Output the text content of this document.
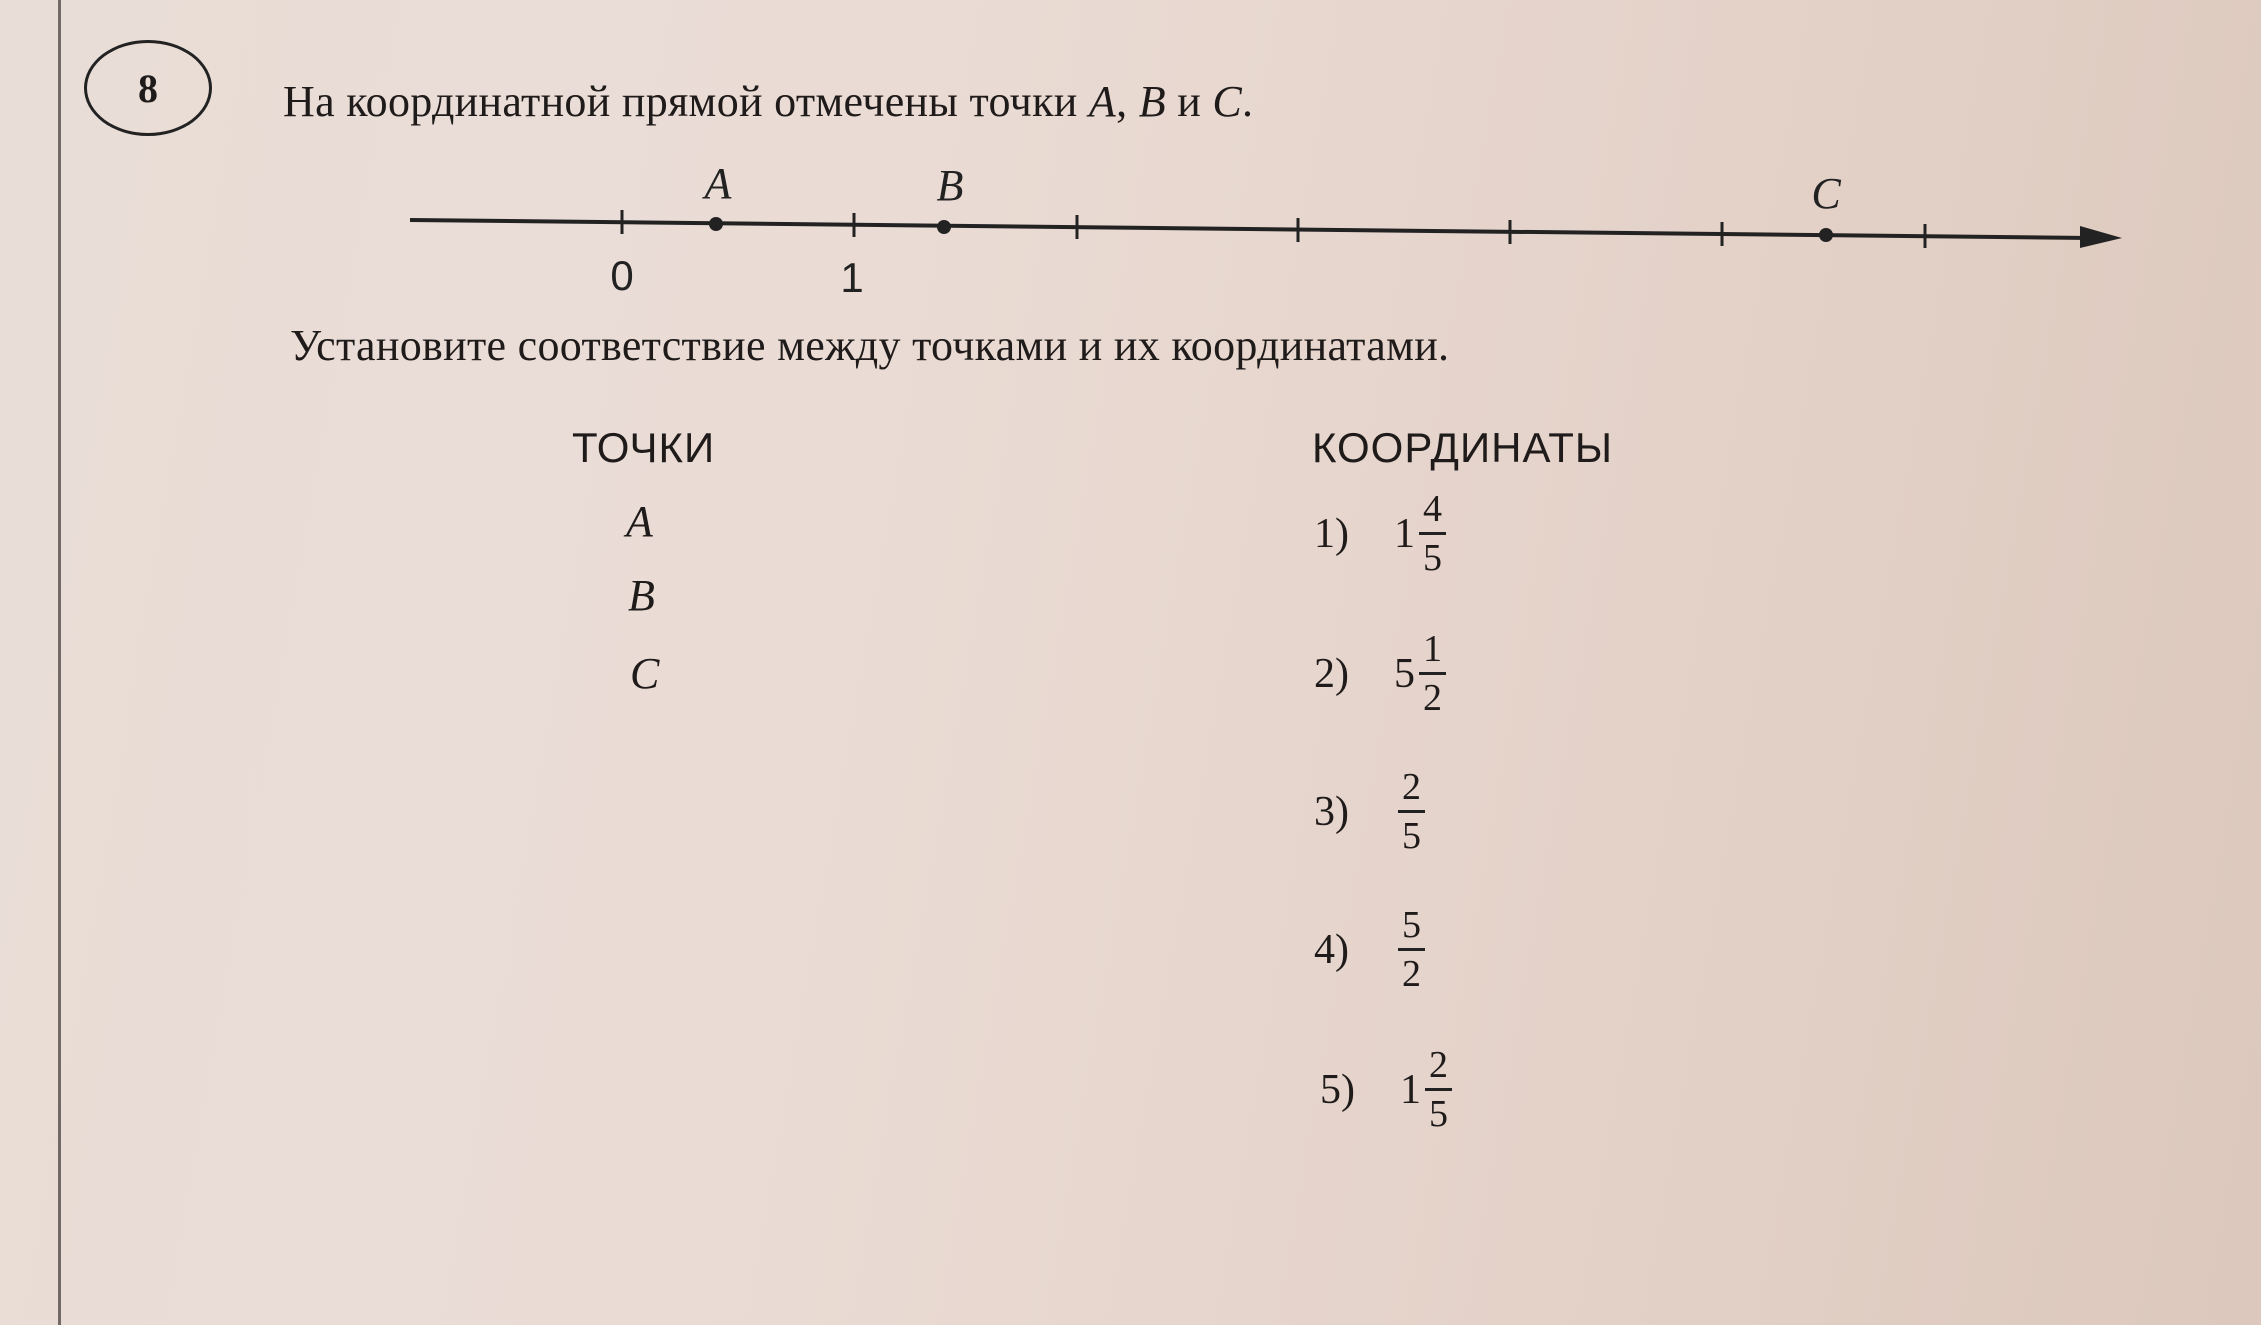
8	На координатной прямой отмечены точки A, B и C.
A	B	C
0	1
Установите соответствие между точками и их координатами.
ТОЧКИ	КООРДИНАТЫ
A
B
C
1)	$1 \frac{4}{5}$
2)	$5 \frac{1}{2}$
3)	$\frac{2}{5}$
4)	$\frac{5}{2}$
5)	$1 \frac{2}{5}$
